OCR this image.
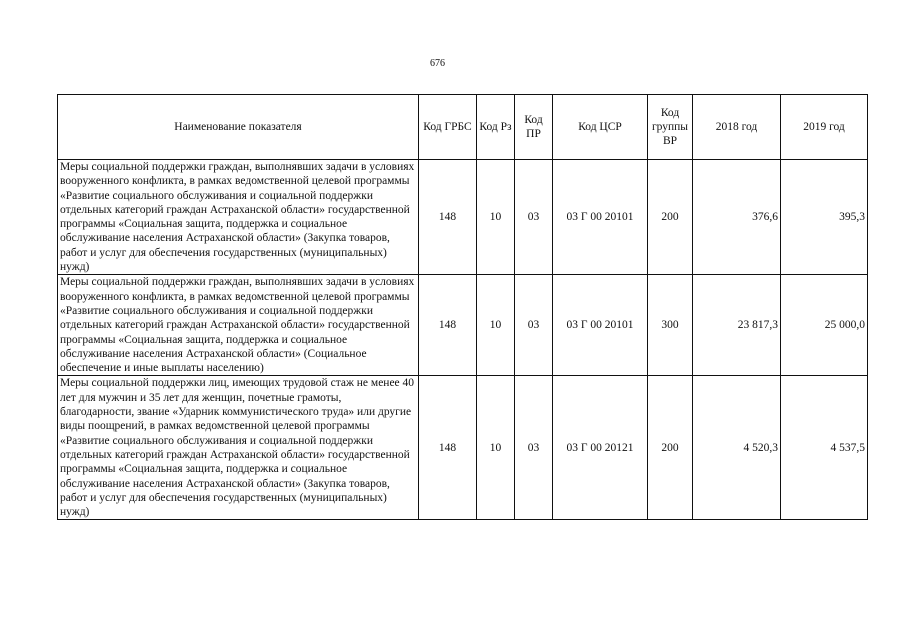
676
Наименование показателя	Код ГРБС	Код Рз	Код ПР	Код ЦСР	Код группы ВР	2018 год	2019 год
Меры социальной поддержки граждан, выполнявших задачи в условиях вооруженного конфликта, в рамках ведомственной целевой программы «Развитие социального обслуживания и социальной поддержки отдельных категорий граждан Астраханской области» государственной программы «Социальная защита, поддержка и социальное обслуживание населения Астраханской области» (Закупка товаров, работ и услуг для обеспечения государственных (муниципальных) нужд)	148	10	03	03 Г 00 20101	200	376,6	395,3
Меры социальной поддержки граждан, выполнявших задачи в условиях вооруженного конфликта, в рамках ведомственной целевой программы «Развитие социального обслуживания и социальной поддержки отдельных категорий граждан Астраханской области» государственной программы «Социальная защита, поддержка и социальное обслуживание населения Астраханской области» (Социальное обеспечение и иные выплаты населению)	148	10	03	03 Г 00 20101	300	23 817,3	25 000,0
Меры социальной поддержки лиц, имеющих трудовой стаж не менее 40 лет для мужчин и 35 лет для женщин, почетные грамоты, благодарности, звание «Ударник коммунистического труда» или другие виды поощрений, в рамках ведомственной целевой программы «Развитие социального обслуживания и социальной поддержки отдельных категорий граждан Астраханской области» государственной программы «Социальная защита, поддержка и социальное обслуживание населения Астраханской области» (Закупка товаров, работ и услуг для обеспечения государственных (муниципальных) нужд)	148	10	03	03 Г 00 20121	200	4 520,3	4 537,5
